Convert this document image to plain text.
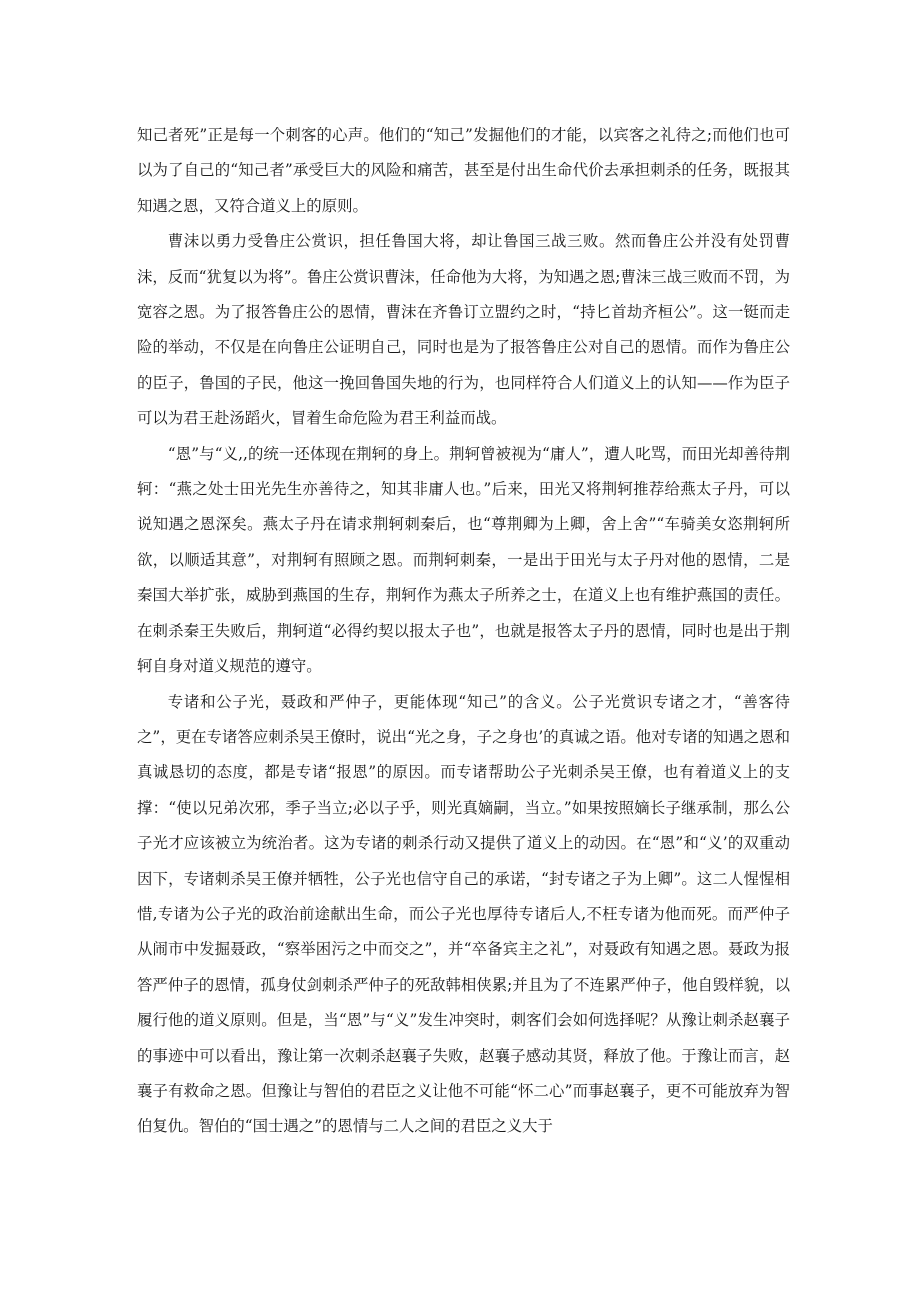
知己者死”正是每一个刺客的心声。他们的“知己”发掘他们的才能，以宾客之礼待之;而他们也可以为了自己的“知己者”承受巨大的风险和痛苦，甚至是付出生命代价去承担刺杀的任务，既报其知遇之恩，又符合道义上的原则。

曹沫以勇力受鲁庄公赏识，担任鲁国大将，却让鲁国三战三败。然而鲁庄公并没有处罚曹沫，反而“犹复以为将”。鲁庄公赏识曹沫，任命他为大将，为知遇之恩;曹沫三战三败而不罚，为宽容之恩。为了报答鲁庄公的恩情，曹沫在齐鲁订立盟约之时，“持匕首劫齐桓公”。这一铤而走险的举动，不仅是在向鲁庄公证明自己，同时也是为了报答鲁庄公对自己的恩情。而作为鲁庄公的臣子，鲁国的子民，他这一挽回鲁国失地的行为，也同样符合人们道义上的认知——作为臣子可以为君王赴汤蹈火，冒着生命危险为君王利益而战。

“恩”与“义,,的统一还体现在荆轲的身上。荆轲曾被视为“庸人”，遭人叱骂，而田光却善待荆轲：“燕之处士田光先生亦善待之，知其非庸人也。”后来，田光又将荆轲推荐给燕太子丹，可以说知遇之恩深矣。燕太子丹在请求荆轲刺秦后，也“尊荆卿为上卿，舍上舍”“车骑美女恣荆轲所欲，以顺适其意”，对荆轲有照顾之恩。而荆轲刺秦，一是出于田光与太子丹对他的恩情，二是秦国大举扩张，威胁到燕国的生存，荆轲作为燕太子所养之士，在道义上也有维护燕国的责任。在刺杀秦王失败后，荆轲道“必得约契以报太子也”，也就是报答太子丹的恩情，同时也是出于荆轲自身对道义规范的遵守。

专诸和公子光，聂政和严仲子，更能体现“知己”的含义。公子光赏识专诸之才，“善客待之”，更在专诸答应刺杀吴王僚时，说出“光之身，子之身也’的真诚之语。他对专诸的知遇之恩和真诚恳切的态度，都是专诸“报恩”的原因。而专诸帮助公子光刺杀吴王僚，也有着道义上的支撑：“使以兄弟次邪，季子当立;必以子乎，则光真嫡嗣，当立。”如果按照嫡长子继承制，那么公子光才应该被立为统治者。这为专诸的刺杀行动又提供了道义上的动因。在“恩”和“义’的双重动因下，专诸刺杀吴王僚并牺牲，公子光也信守自己的承诺，“封专诸之子为上卿”。这二人惺惺相惜,专诸为公子光的政治前途献出生命，而公子光也厚待专诸后人,不枉专诸为他而死。而严仲子从闹市中发掘聂政，“察举困污之中而交之”，并“卒备宾主之礼”，对聂政有知遇之恩。聂政为报答严仲子的恩情，孤身仗剑刺杀严仲子的死敌韩相侠累;并且为了不连累严仲子，他自毁样貌，以履行他的道义原则。但是，当“恩”与“义”发生冲突时，刺客们会如何选择呢？从豫让刺杀赵襄子的事迹中可以看出，豫让第一次刺杀赵襄子失败，赵襄子感动其贤，释放了他。于豫让而言，赵襄子有救命之恩。但豫让与智伯的君臣之义让他不可能“怀二心”而事赵襄子，更不可能放弃为智伯复仇。智伯的“国士遇之”的恩情与二人之间的君臣之义大于
